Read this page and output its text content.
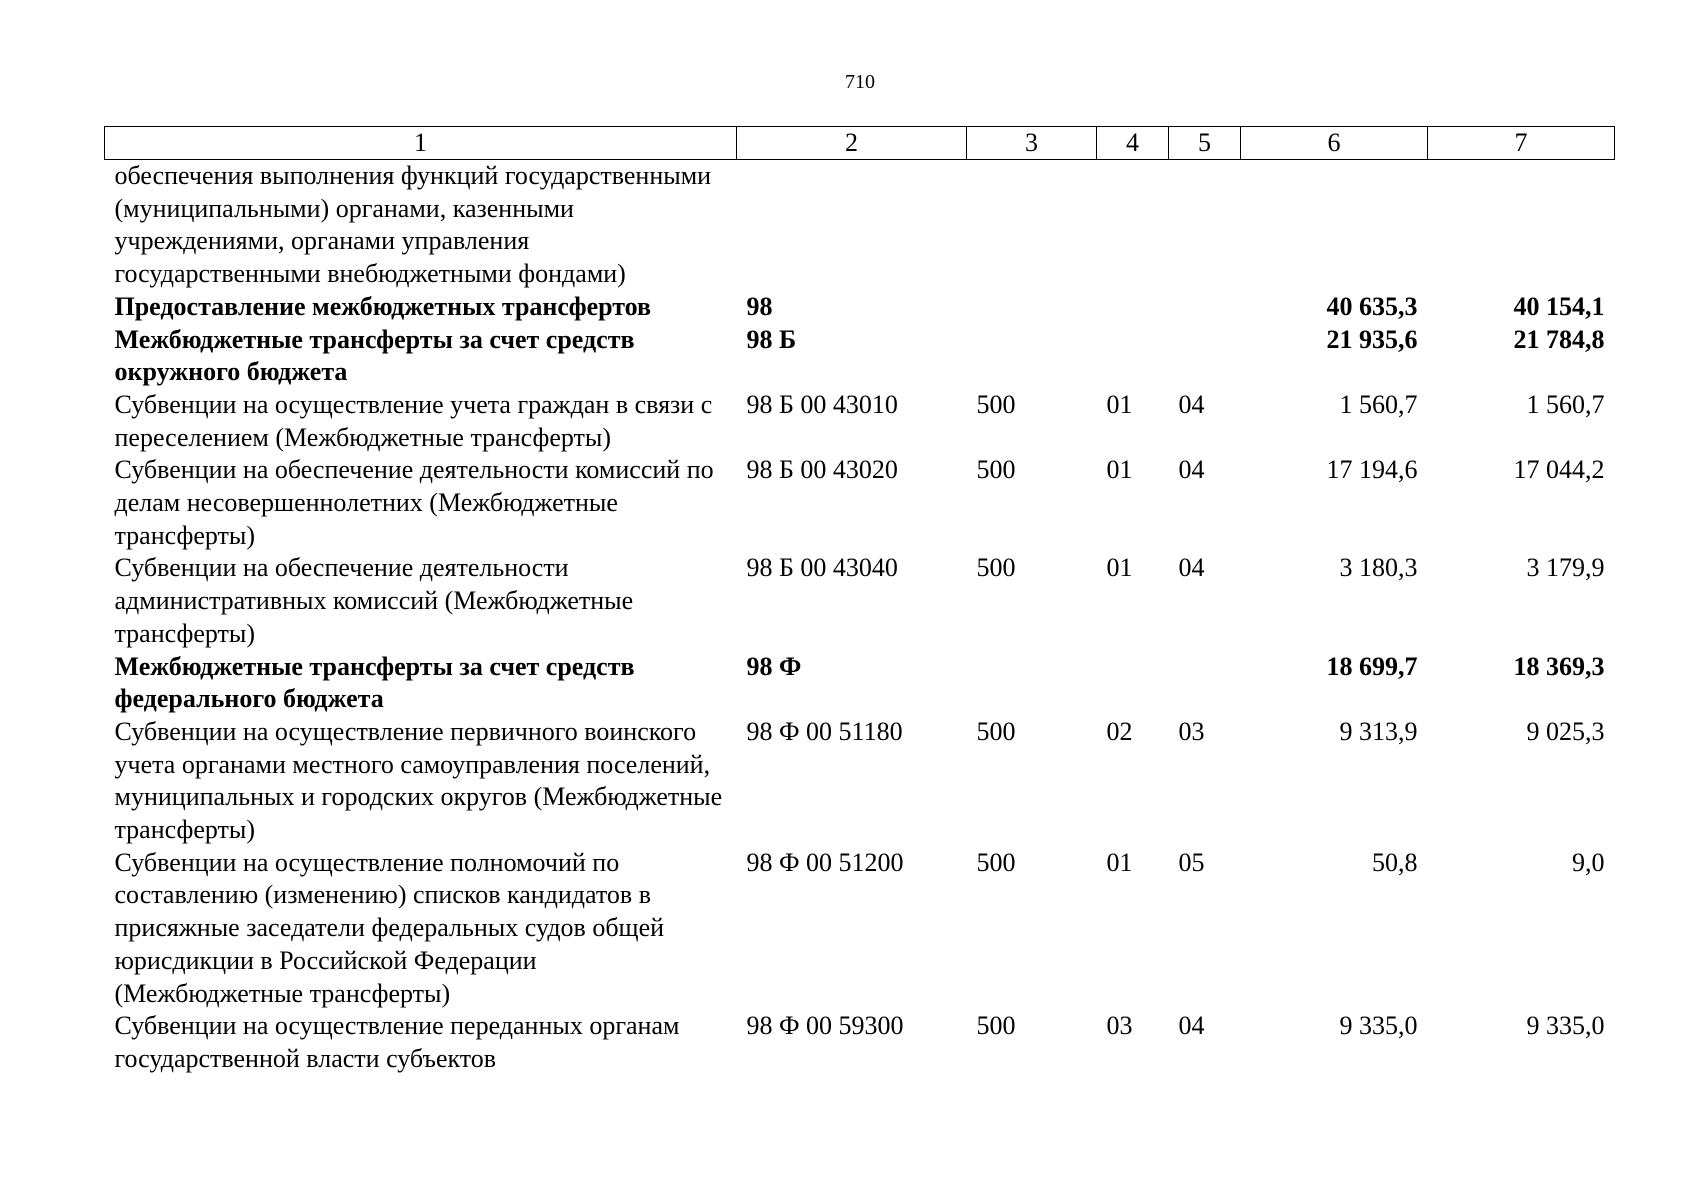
710
1	2	3	4	5	6	7
обеспечения выполнения функций государственными (муниципальными) органами, казенными учреждениями, органами управления государственными внебюджетными фондами)						
Предоставление межбюджетных трансфертов	98				40 635,3	40 154,1
Межбюджетные трансферты за счет средств окружного бюджета	98 Б				21 935,6	21 784,8
Субвенции на осуществление учета граждан в связи с переселением (Межбюджетные трансферты)	98 Б 00 43010	500	01	04	1 560,7	1 560,7
Субвенции на обеспечение деятельности комиссий по делам несовершеннолетних (Межбюджетные трансферты)	98 Б 00 43020	500	01	04	17 194,6	17 044,2
Субвенции на обеспечение деятельности административных комиссий (Межбюджетные трансферты)	98 Б 00 43040	500	01	04	3 180,3	3 179,9
Межбюджетные трансферты за счет средств федерального бюджета	98 Ф				18 699,7	18 369,3
Субвенции на осуществление первичного воинского учета органами местного самоуправления поселений, муниципальных и городских округов (Межбюджетные трансферты)	98 Ф 00 51180	500	02	03	9 313,9	9 025,3
Субвенции на осуществление полномочий по составлению (изменению) списков кандидатов в присяжные заседатели федеральных судов общей юрисдикции в Российской Федерации (Межбюджетные трансферты)	98 Ф 00 51200	500	01	05	50,8	9,0
Субвенции на осуществление переданных органам государственной власти субъектов	98 Ф 00 59300	500	03	04	9 335,0	9 335,0
